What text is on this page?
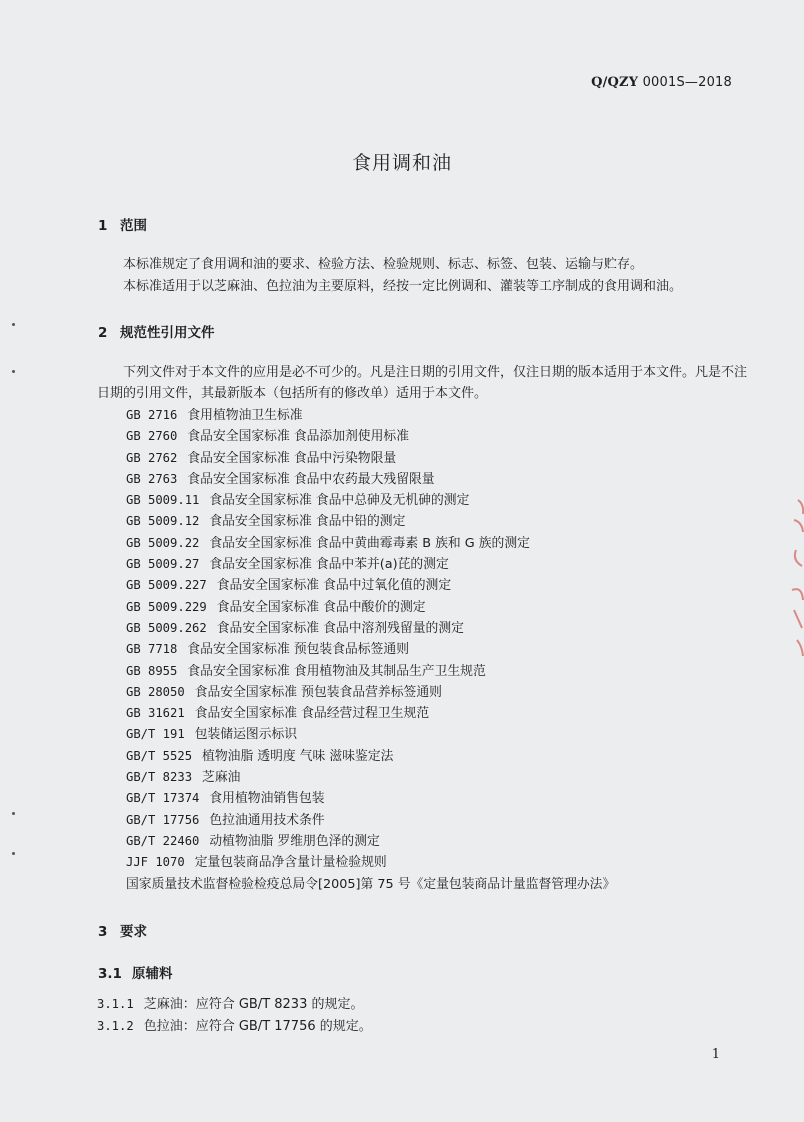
Q/QZY 0001S—2018
食用调和油
1 范围
本标准规定了食用调和油的要求、检验方法、检验规则、标志、标签、包装、运输与贮存。
本标准适用于以芝麻油、色拉油为主要原料，经按一定比例调和、灌装等工序制成的食用调和油。
2 规范性引用文件
下列文件对于本文件的应用是必不可少的。凡是注日期的引用文件，仅注日期的版本适用于本文件。凡是不注日期的引用文件，其最新版本（包括所有的修改单）适用于本文件。
GB 2716 食用植物油卫生标准
GB 2760 食品安全国家标准 食品添加剂使用标准
GB 2762 食品安全国家标准 食品中污染物限量
GB 2763 食品安全国家标准 食品中农药最大残留限量
GB 5009.11 食品安全国家标准 食品中总砷及无机砷的测定
GB 5009.12 食品安全国家标准 食品中铅的测定
GB 5009.22 食品安全国家标准 食品中黄曲霉毒素 B 族和 G 族的测定
GB 5009.27 食品安全国家标准 食品中苯并(a)芘的测定
GB 5009.227 食品安全国家标准 食品中过氧化值的测定
GB 5009.229 食品安全国家标准 食品中酸价的测定
GB 5009.262 食品安全国家标准 食品中溶剂残留量的测定
GB 7718 食品安全国家标准 预包装食品标签通则
GB 8955 食品安全国家标准 食用植物油及其制品生产卫生规范
GB 28050 食品安全国家标准 预包装食品营养标签通则
GB 31621 食品安全国家标准 食品经营过程卫生规范
GB/T 191 包装储运图示标识
GB/T 5525 植物油脂 透明度 气味 滋味鉴定法
GB/T 8233 芝麻油
GB/T 17374 食用植物油销售包装
GB/T 17756 色拉油通用技术条件
GB/T 22460 动植物油脂 罗维朋色泽的测定
JJF 1070 定量包装商品净含量计量检验规则
国家质量技术监督检验检疫总局令[2005]第 75 号《定量包装商品计量监督管理办法》
3 要求
3.1 原辅料
3.1.1 芝麻油：应符合 GB/T 8233 的规定。
3.1.2 色拉油：应符合 GB/T 17756 的规定。
1
